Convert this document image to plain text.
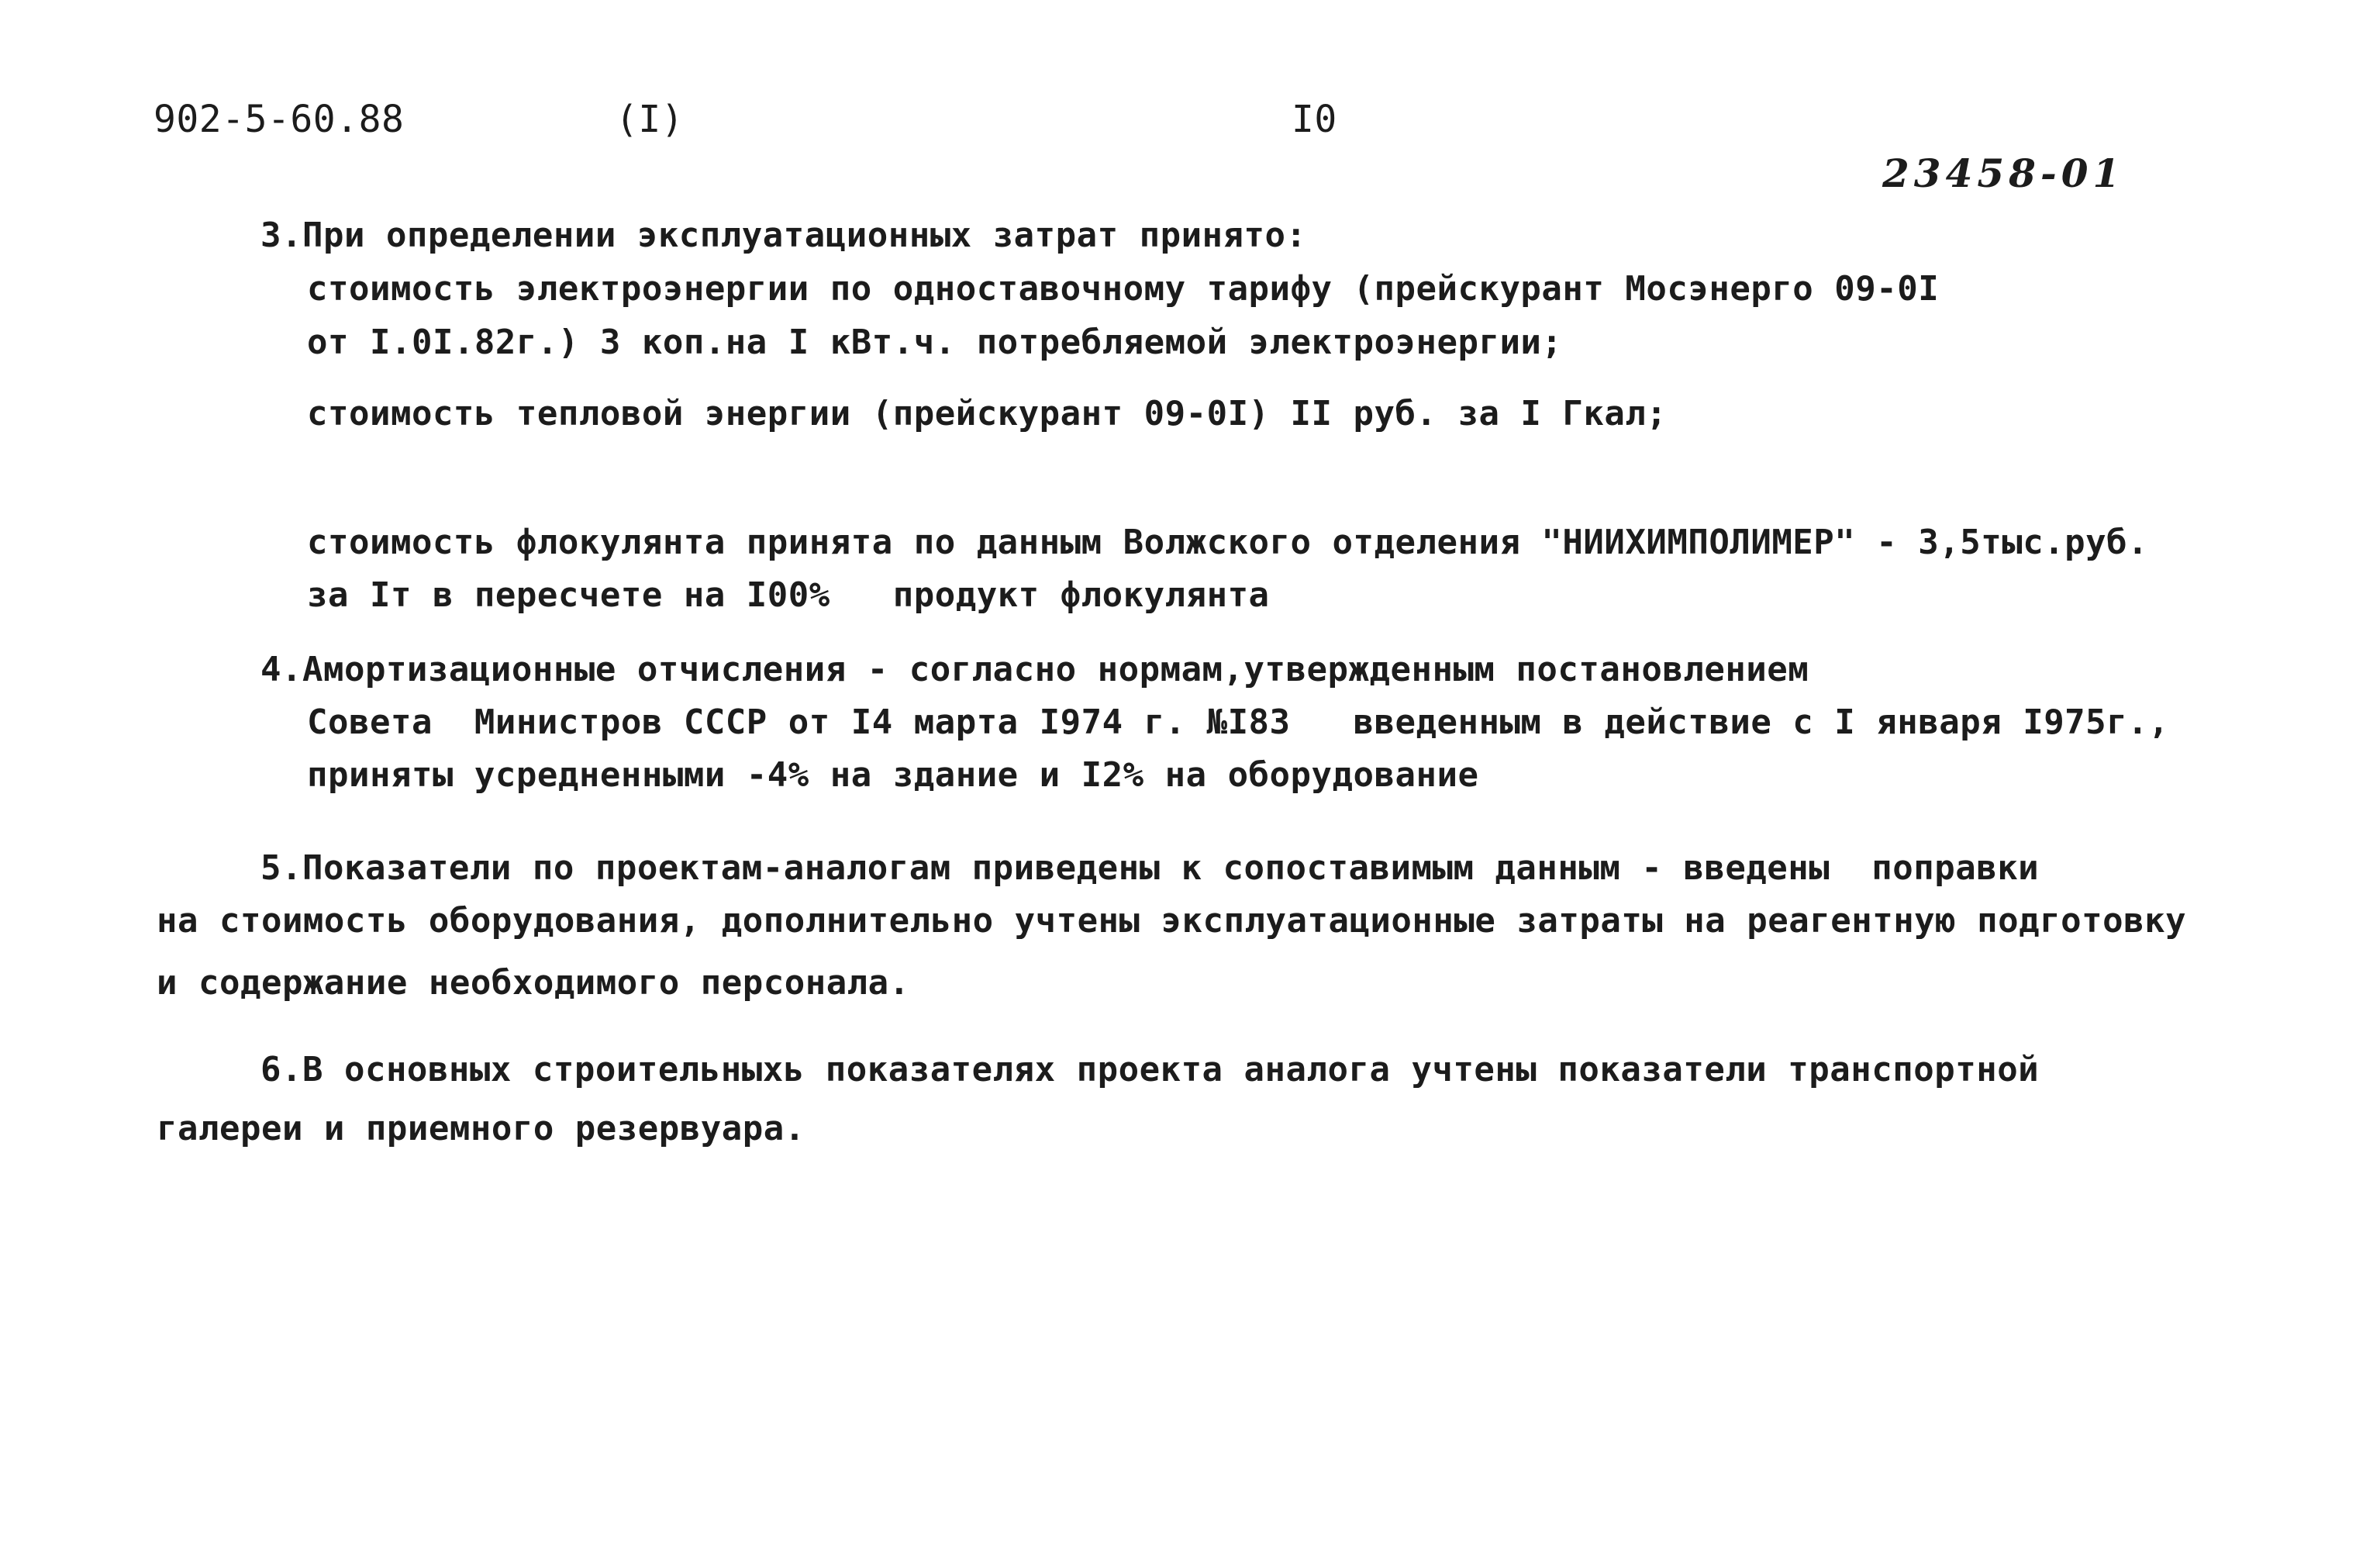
902-5-60.88	(I)	I0
23458-01
3.При определении эксплуатационных затрат принято:
стоимость электроэнергии по одноставочному тарифу (прейскурант Мосэнерго 09-0I
от I.0I.82г.) 3 коп.на I кВт.ч. потребляемой электроэнергии;
стоимость тепловой энергии (прейскурант 09-0I) II руб. за I Гкал;
стоимость флокулянта принята по данным Волжского отделения "НИИХИМПОЛИМЕР" - 3,5тыс.руб.
за Iт в пересчете на I00%   продукт флокулянта
4.Амортизационные отчисления - согласно нормам,утвержденным постановлением
Совета  Министров СССР от I4 марта I974 г. №I83   введенным в действие с I января I975г.,
приняты усредненными -4% на здание и I2% на оборудование
5.Показатели по проектам-аналогам приведены к сопоставимым данным - введены  поправки
на стоимость оборудования, дополнительно учтены эксплуатационные затраты на реагентную подготовку
и содержание необходимого персонала.
6.В основных строительныхь показателях проекта аналога учтены показатели транспортной
галереи и приемного резервуара.
